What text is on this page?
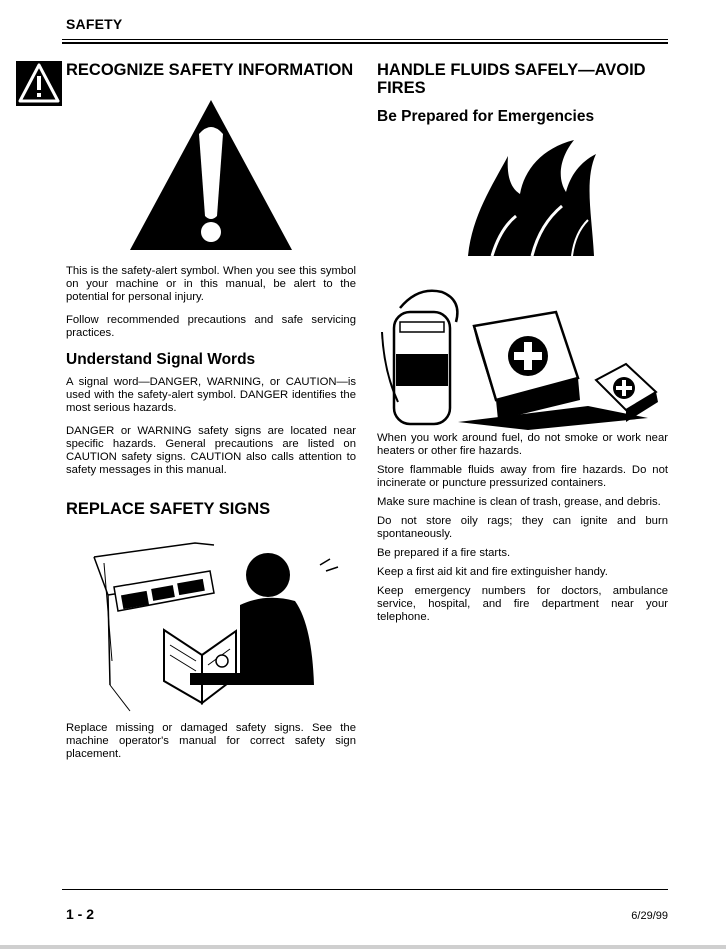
SAFETY
RECOGNIZE SAFETY INFORMATION
This is the safety-alert symbol. When you see this symbol on your machine or in this manual, be alert to the potential for personal injury.
Follow recommended precautions and safe servicing practices.
Understand Signal Words
A signal word—DANGER, WARNING, or CAUTION—is used with the safety-alert symbol. DANGER identifies the most serious hazards.
DANGER or WARNING safety signs are located near specific hazards. General precautions are listed on CAUTION safety signs. CAUTION also calls attention to safety messages in this manual.
REPLACE SAFETY SIGNS
Replace missing or damaged safety signs. See the machine operator's manual for correct safety sign placement.
HANDLE FLUIDS SAFELY—AVOID
FIRES
Be Prepared for Emergencies
When you work around fuel, do not smoke or work near heaters or other fire hazards.
Store flammable fluids away from fire hazards. Do not incinerate or puncture pressurized containers.
Make sure machine is clean of trash, grease, and debris.
Do not store oily rags; they can ignite and burn spontaneously.
Be prepared if a fire starts.
Keep a first aid kit and fire extinguisher handy.
Keep emergency numbers for doctors, ambulance service, hospital, and fire department near your telephone.
1 - 2	6/29/99
